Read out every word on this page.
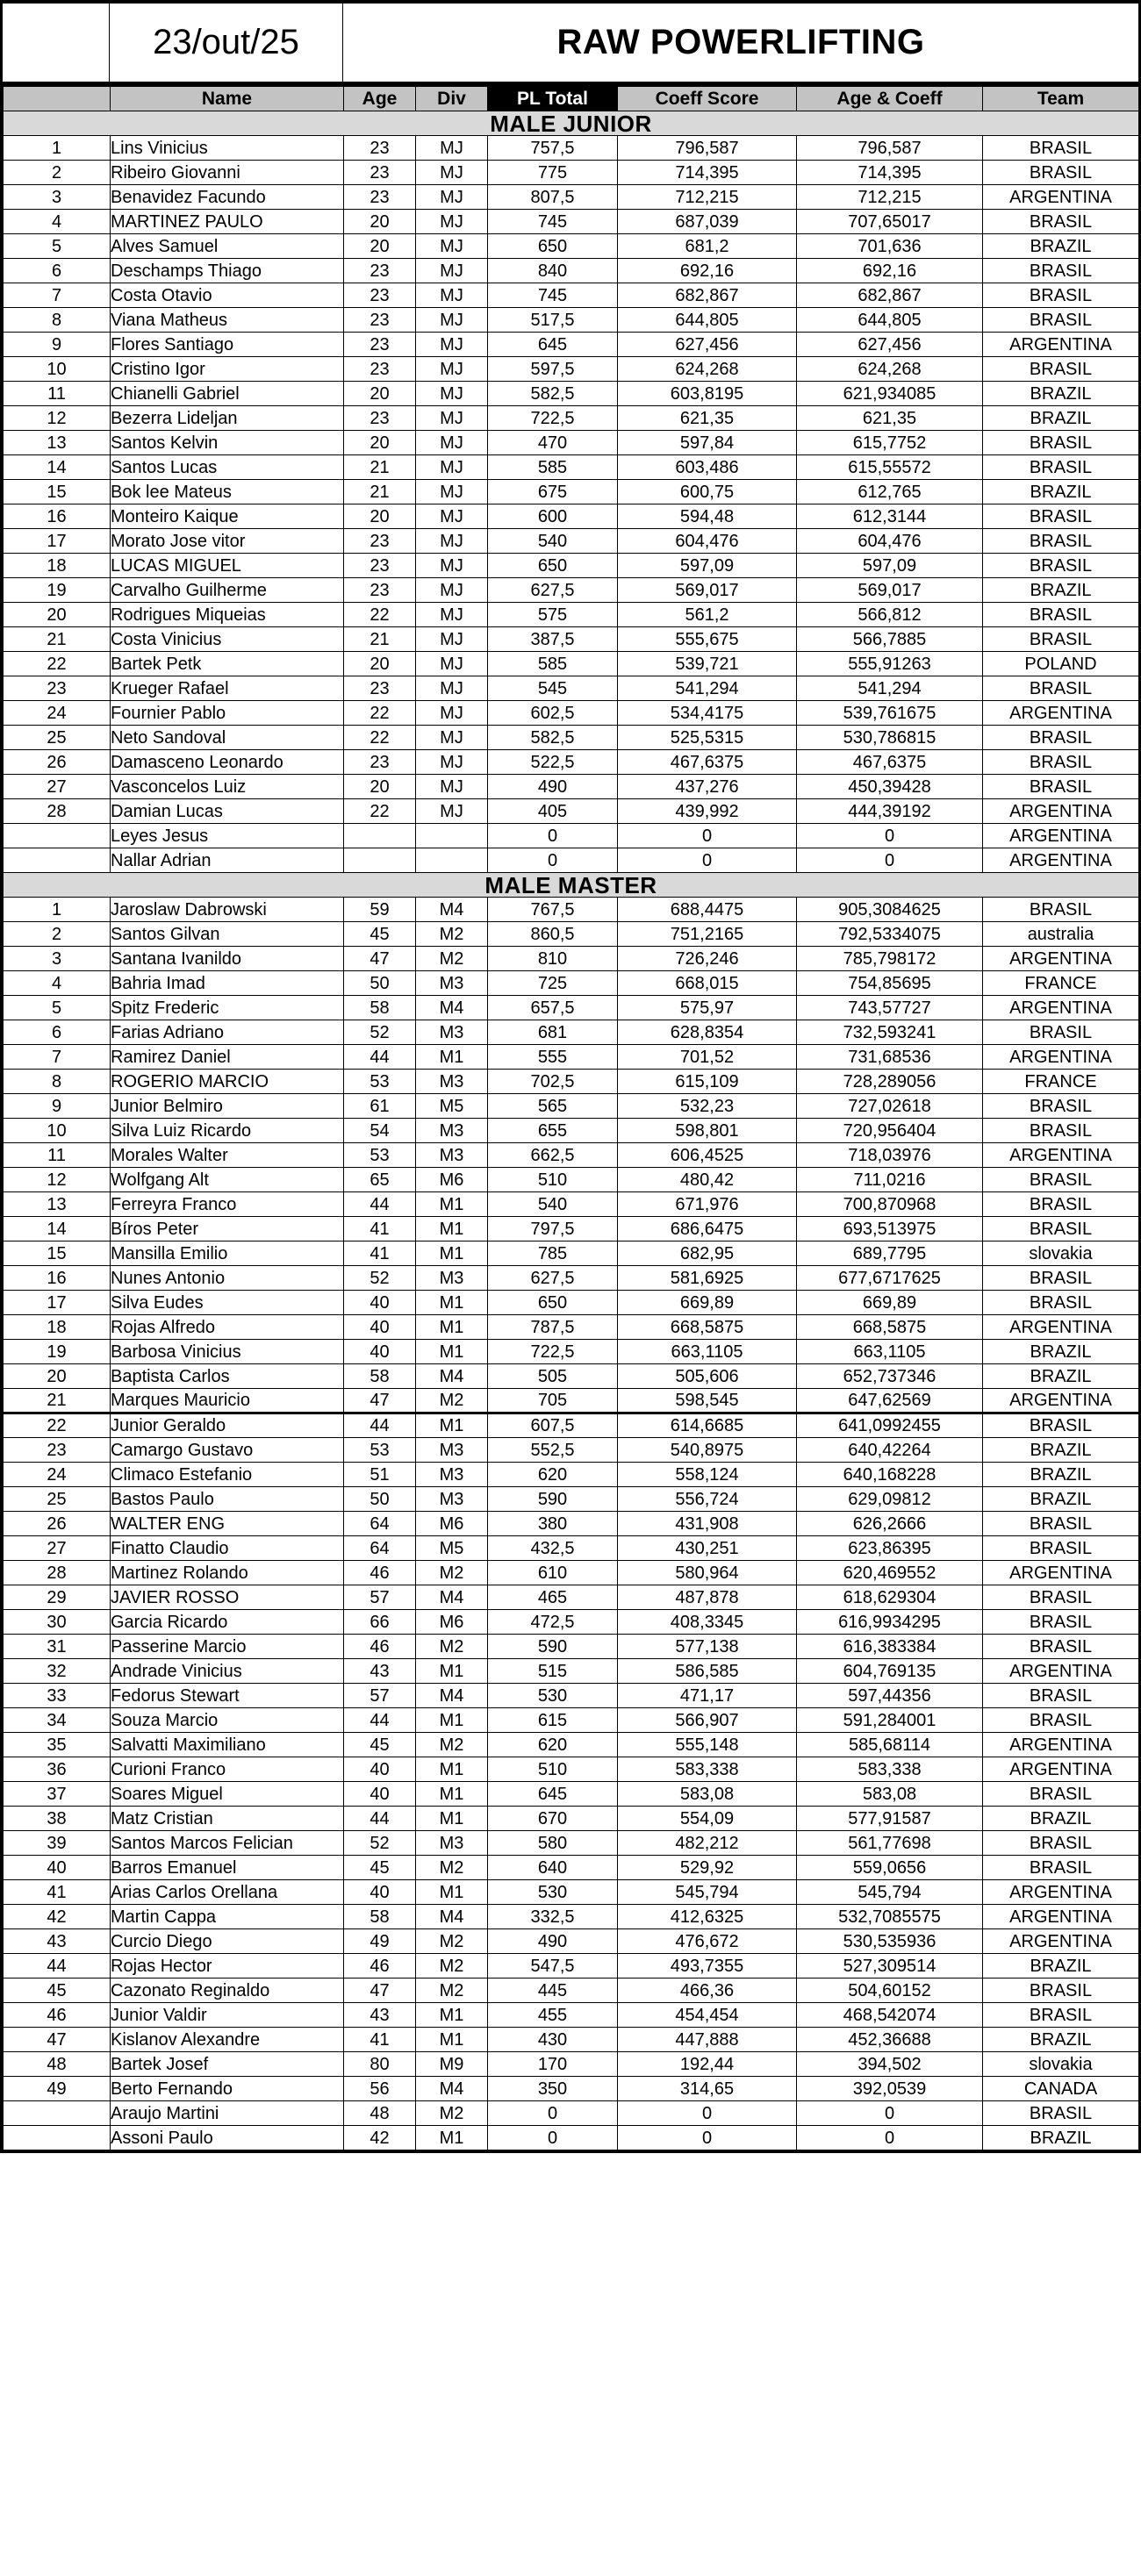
23/out/25	RAW POWERLIFTING
	Name	Age	Div	PL Total	Coeff Score	Age & Coeff	Team
MALE JUNIOR							
1	Lins Vinicius	23	MJ	757,5	796,587	796,587	BRASIL
2	Ribeiro Giovanni	23	MJ	775	714,395	714,395	BRASIL
3	Benavidez Facundo	23	MJ	807,5	712,215	712,215	ARGENTINA
4	MARTINEZ PAULO	20	MJ	745	687,039	707,65017	BRASIL
5	Alves Samuel	20	MJ	650	681,2	701,636	BRAZIL
6	Deschamps Thiago	23	MJ	840	692,16	692,16	BRASIL
7	Costa Otavio	23	MJ	745	682,867	682,867	BRASIL
8	Viana Matheus	23	MJ	517,5	644,805	644,805	BRASIL
9	Flores Santiago	23	MJ	645	627,456	627,456	ARGENTINA
10	Cristino Igor	23	MJ	597,5	624,268	624,268	BRASIL
11	Chianelli Gabriel	20	MJ	582,5	603,8195	621,934085	BRAZIL
12	Bezerra Lideljan	23	MJ	722,5	621,35	621,35	BRAZIL
13	Santos Kelvin	20	MJ	470	597,84	615,7752	BRASIL
14	Santos Lucas	21	MJ	585	603,486	615,55572	BRASIL
15	Bok lee Mateus	21	MJ	675	600,75	612,765	BRAZIL
16	Monteiro Kaique	20	MJ	600	594,48	612,3144	BRASIL
17	Morato Jose vitor	23	MJ	540	604,476	604,476	BRASIL
18	LUCAS MIGUEL	23	MJ	650	597,09	597,09	BRASIL
19	Carvalho Guilherme	23	MJ	627,5	569,017	569,017	BRAZIL
20	Rodrigues Miqueias	22	MJ	575	561,2	566,812	BRASIL
21	Costa Vinicius	21	MJ	387,5	555,675	566,7885	BRASIL
22	Bartek Petk	20	MJ	585	539,721	555,91263	POLAND
23	Krueger Rafael	23	MJ	545	541,294	541,294	BRASIL
24	Fournier Pablo	22	MJ	602,5	534,4175	539,761675	ARGENTINA
25	Neto Sandoval	22	MJ	582,5	525,5315	530,786815	BRASIL
26	Damasceno Leonardo	23	MJ	522,5	467,6375	467,6375	BRASIL
27	Vasconcelos Luiz	20	MJ	490	437,276	450,39428	BRASIL
28	Damian Lucas	22	MJ	405	439,992	444,39192	ARGENTINA
	Leyes Jesus			0	0	0	ARGENTINA
	Nallar Adrian			0	0	0	ARGENTINA
MALE MASTER							
1	Jaroslaw Dabrowski	59	M4	767,5	688,4475	905,3084625	BRASIL
2	Santos Gilvan	45	M2	860,5	751,2165	792,5334075	australia
3	Santana Ivanildo	47	M2	810	726,246	785,798172	ARGENTINA
4	Bahria Imad	50	M3	725	668,015	754,85695	FRANCE
5	Spitz Frederic	58	M4	657,5	575,97	743,57727	ARGENTINA
6	Farias Adriano	52	M3	681	628,8354	732,593241	BRASIL
7	Ramirez Daniel	44	M1	555	701,52	731,68536	ARGENTINA
8	ROGERIO MARCIO	53	M3	702,5	615,109	728,289056	FRANCE
9	Junior Belmiro	61	M5	565	532,23	727,02618	BRASIL
10	Silva Luiz Ricardo	54	M3	655	598,801	720,956404	BRASIL
11	Morales Walter	53	M3	662,5	606,4525	718,03976	ARGENTINA
12	Wolfgang Alt	65	M6	510	480,42	711,0216	BRASIL
13	Ferreyra Franco	44	M1	540	671,976	700,870968	BRASIL
14	Bíros Peter	41	M1	797,5	686,6475	693,513975	BRASIL
15	Mansilla Emilio	41	M1	785	682,95	689,7795	slovakia
16	Nunes Antonio	52	M3	627,5	581,6925	677,6717625	BRASIL
17	Silva Eudes	40	M1	650	669,89	669,89	BRASIL
18	Rojas Alfredo	40	M1	787,5	668,5875	668,5875	ARGENTINA
19	Barbosa Vinicius	40	M1	722,5	663,1105	663,1105	BRAZIL
20	Baptista Carlos	58	M4	505	505,606	652,737346	BRAZIL
21	Marques Mauricio	47	M2	705	598,545	647,62569	ARGENTINA
22	Junior Geraldo	44	M1	607,5	614,6685	641,0992455	BRASIL
23	Camargo Gustavo	53	M3	552,5	540,8975	640,42264	BRAZIL
24	Climaco Estefanio	51	M3	620	558,124	640,168228	BRAZIL
25	Bastos Paulo	50	M3	590	556,724	629,09812	BRAZIL
26	WALTER ENG	64	M6	380	431,908	626,2666	BRASIL
27	Finatto Claudio	64	M5	432,5	430,251	623,86395	BRASIL
28	Martinez Rolando	46	M2	610	580,964	620,469552	ARGENTINA
29	JAVIER ROSSO	57	M4	465	487,878	618,629304	BRASIL
30	Garcia Ricardo	66	M6	472,5	408,3345	616,9934295	BRASIL
31	Passerine Marcio	46	M2	590	577,138	616,383384	BRASIL
32	Andrade Vinicius	43	M1	515	586,585	604,769135	ARGENTINA
33	Fedorus Stewart	57	M4	530	471,17	597,44356	BRASIL
34	Souza Marcio	44	M1	615	566,907	591,284001	BRASIL
35	Salvatti Maximiliano	45	M2	620	555,148	585,68114	ARGENTINA
36	Curioni Franco	40	M1	510	583,338	583,338	ARGENTINA
37	Soares Miguel	40	M1	645	583,08	583,08	BRASIL
38	Matz Cristian	44	M1	670	554,09	577,91587	BRAZIL
39	Santos Marcos Felician	52	M3	580	482,212	561,77698	BRASIL
40	Barros Emanuel	45	M2	640	529,92	559,0656	BRASIL
41	Arias Carlos Orellana	40	M1	530	545,794	545,794	ARGENTINA
42	Martin Cappa	58	M4	332,5	412,6325	532,7085575	ARGENTINA
43	Curcio Diego	49	M2	490	476,672	530,535936	ARGENTINA
44	Rojas Hector	46	M2	547,5	493,7355	527,309514	BRAZIL
45	Cazonato Reginaldo	47	M2	445	466,36	504,60152	BRASIL
46	Junior Valdir	43	M1	455	454,454	468,542074	BRASIL
47	Kislanov Alexandre	41	M1	430	447,888	452,36688	BRAZIL
48	Bartek Josef	80	M9	170	192,44	394,502	slovakia
49	Berto Fernando	56	M4	350	314,65	392,0539	CANADA
	Araujo Martini	48	M2	0	0	0	BRASIL
	Assoni Paulo	42	M1	0	0	0	BRAZIL
